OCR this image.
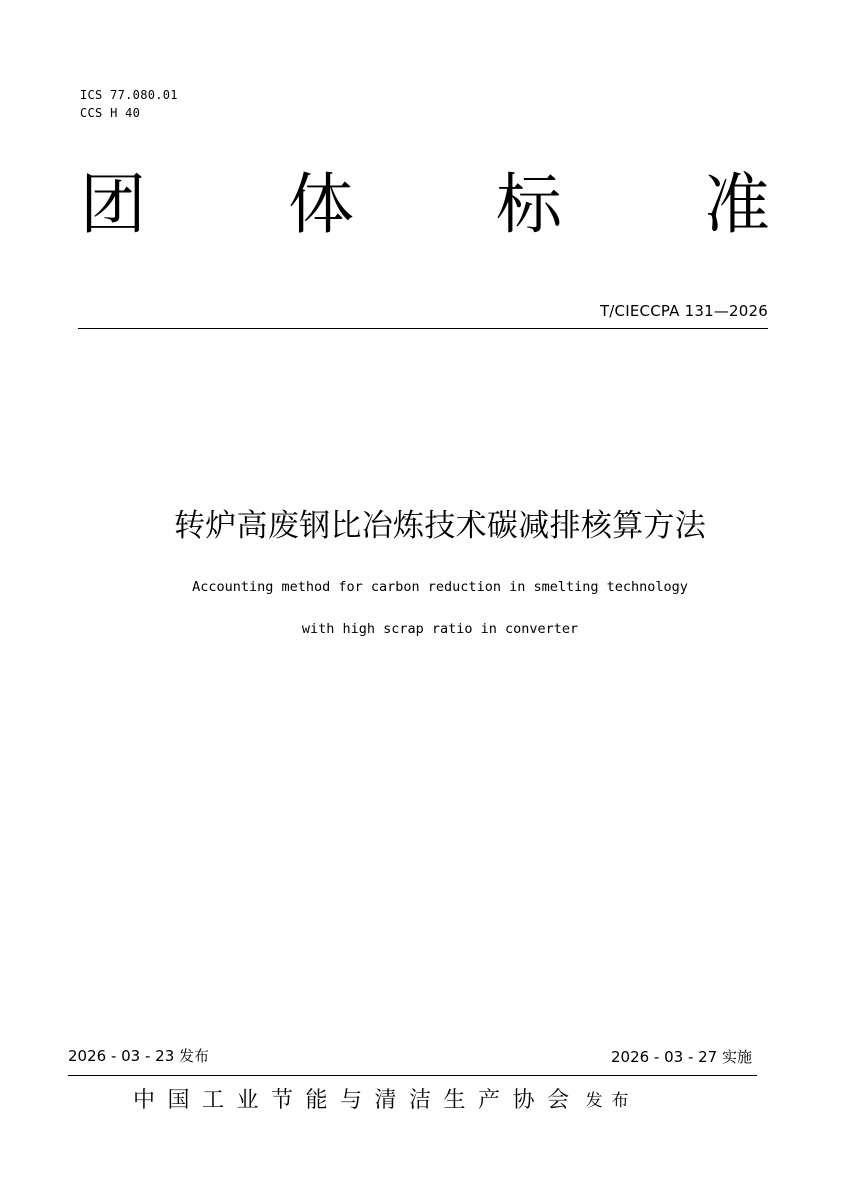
ICS 77.080.01
CCS H 40
团 体 标 准
T/CIECCPA 131—2026
转炉高废钢比冶炼技术碳减排核算方法
Accounting method for carbon reduction in smelting technology
with high scrap ratio in converter
2026 - 03 - 23 发布	2026 - 03 - 27 实施
中国工业节能与清洁生产协会 发布
